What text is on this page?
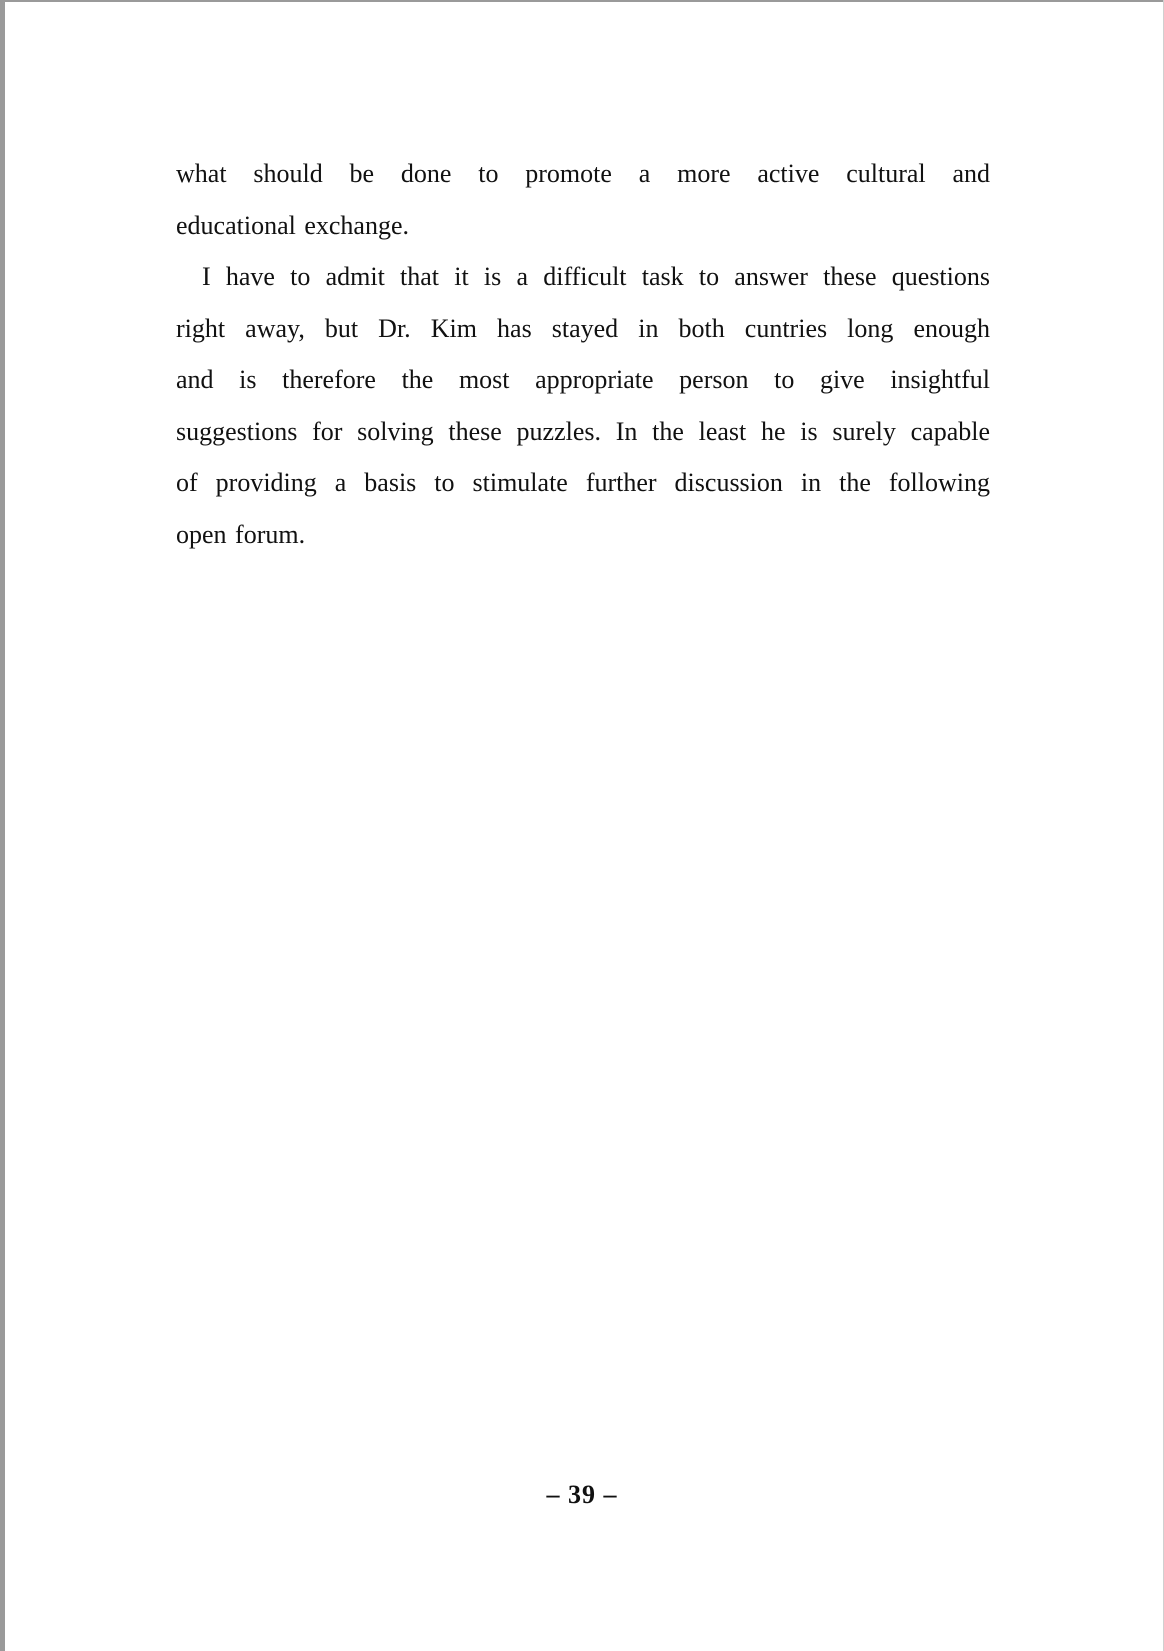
what should be done to promote a more active cultural and
educational exchange.
I have to admit that it is a difficult task to answer these questions
right away, but Dr. Kim has stayed in both cuntries long enough
and is therefore the most appropriate person to give insightful
suggestions for solving these puzzles. In the least he is surely capable
of providing a basis to stimulate further discussion in the following
open forum.
– 39 –
